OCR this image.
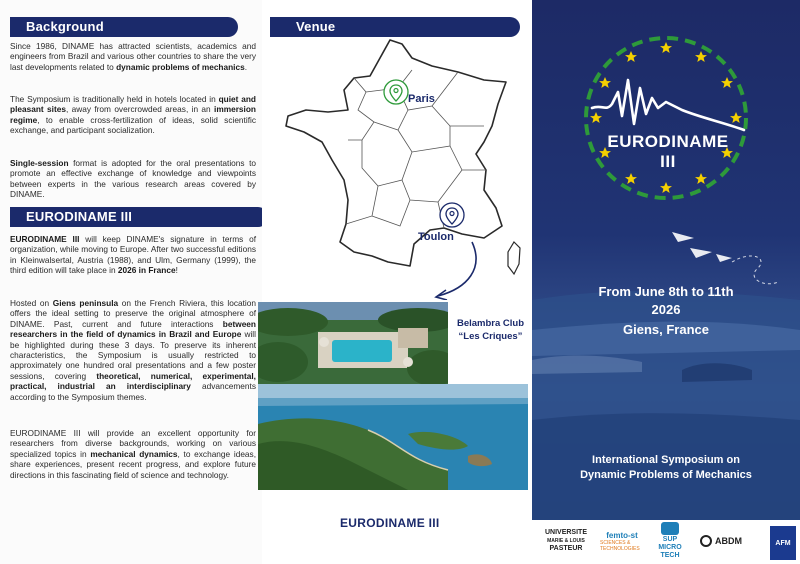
Background

Since 1986, DINAME has attracted scientists, academics and engineers from Brazil and various other countries to share the very last developments related to dynamic problems of mechanics.

The Symposium is traditionally held in hotels located in quiet and pleasant sites, away from overcrowded areas, in an immersion regime, to enable cross-fertilization of ideas, solid scientific exchange, and participant socialization.

Single-session format is adopted for the oral presentations to promote an effective exchange of knowledge and viewpoints between experts in the various research areas covered by DINAME.

EURODINAME III

EURODINAME III will keep DINAME's signature in terms of organization, while moving to Europe. After two successful editions in Kleinwalsertal, Austria (1988), and Ulm, Germany (1999), the third edition will take place in 2026 in France!

Hosted on Giens peninsula on the French Riviera, this location offers the ideal setting to preserve the original atmosphere of DINAME. Past, current and future interactions between researchers in the field of dynamics in Brazil and Europe will be highlighted during these 3 days. To preserve its inherent characteristics, the Symposium is usually restricted to approximately one hundred oral presentations and a few poster sessions, covering theoretical, numerical, experimental, practical, industrial an interdisciplinary advancements according to the Symposium themes.

EURODINAME III will provide an excellent opportunity for researchers from diverse backgrounds, working on various specialized topics in mechanical dynamics, to exchange ideas, share experiences, present recent progress, and explore future directions in this fascinating field of science and technology.

Venue
Paris
Toulon
Belambra Club
“Les Criques”
EURODINAME III
EURODINAME III
From June 8th to 11th
2026
Giens, France
International Symposium on
Dynamic Problems of Mechanics
UNIVERSITE
MARIE & LOUIS
PASTEUR
femto-st
SCIENCES & TECHNOLOGIES
SUP
MICRO
TECH
ABDM	AFM
